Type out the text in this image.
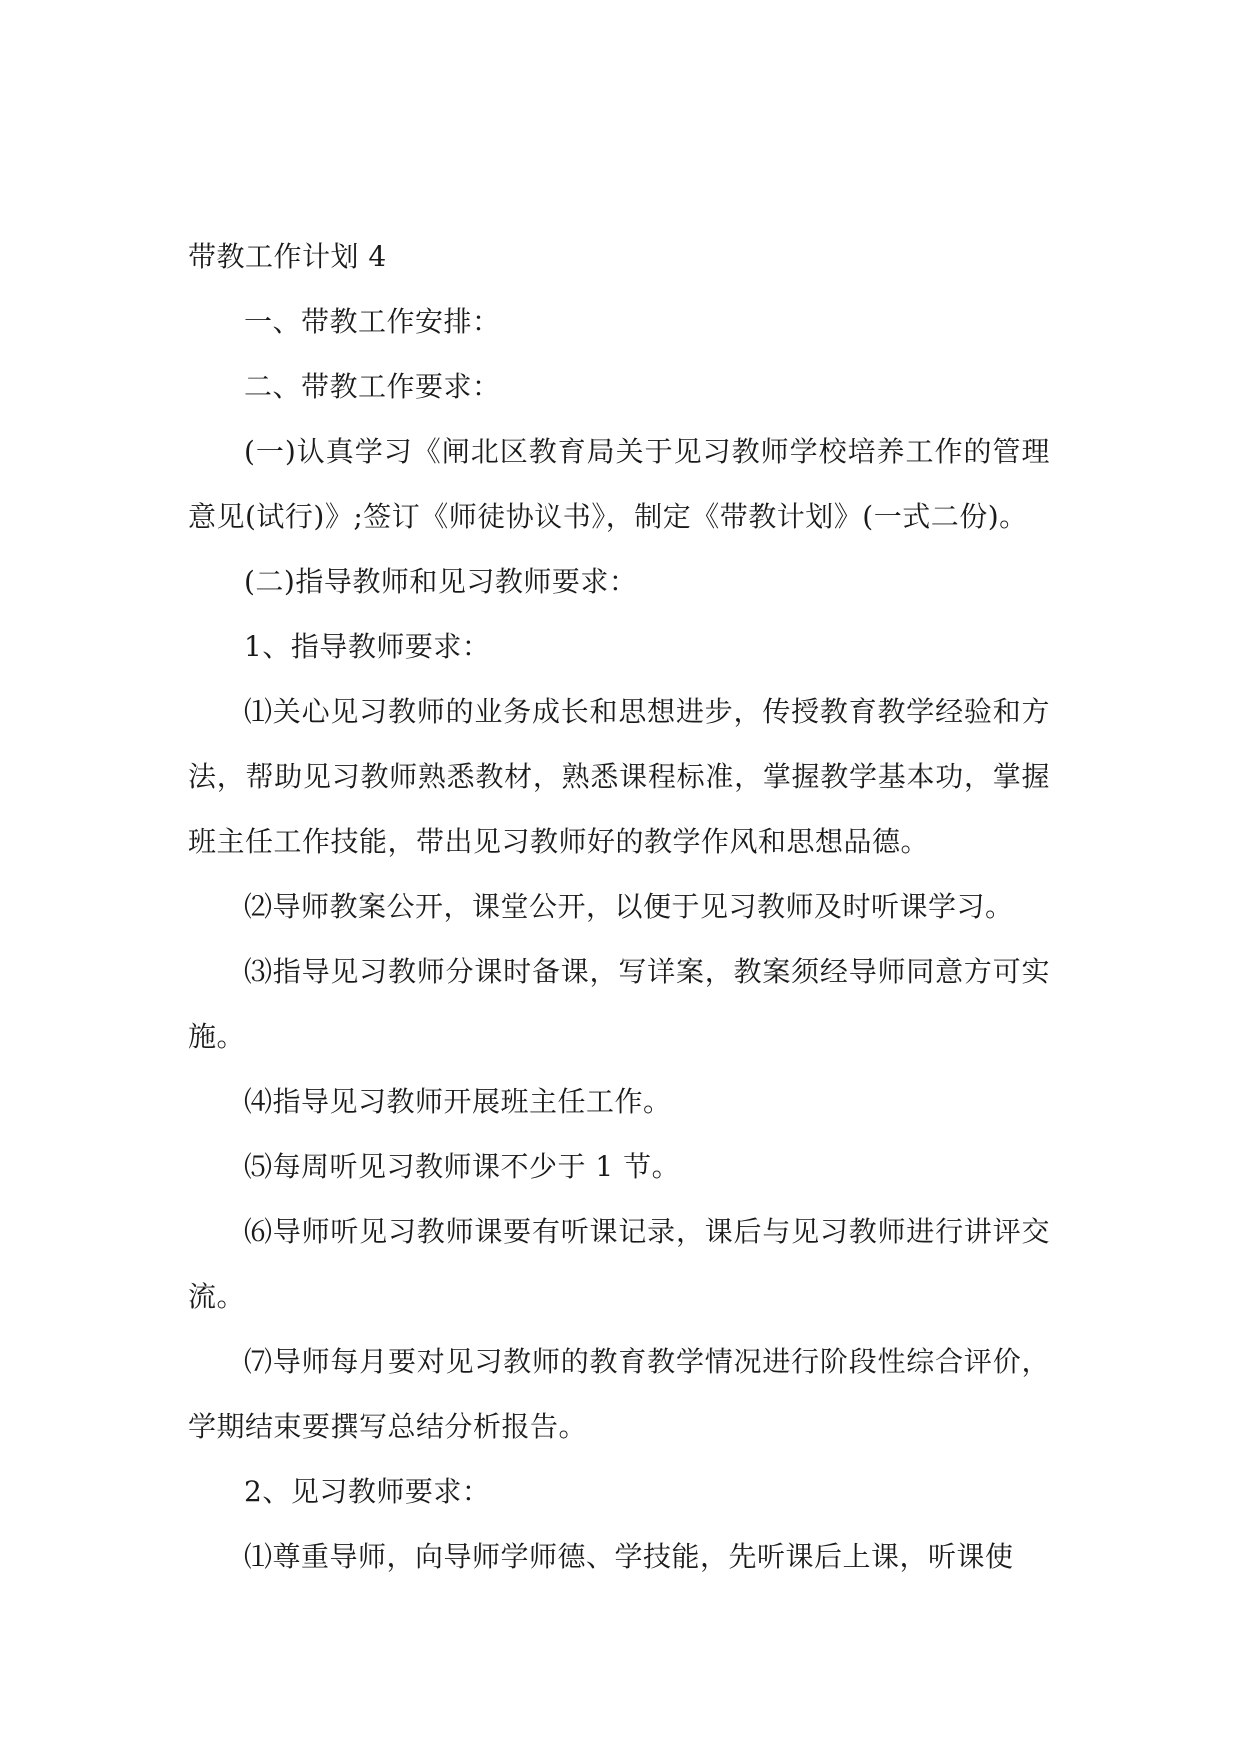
带教工作计划 4

一、带教工作安排：

二、带教工作要求：

(一)认真学习《闸北区教育局关于见习教师学校培养工作的管理意见(试行)》;签订《师徒协议书》，制定《带教计划》(一式二份)。

(二)指导教师和见习教师要求：

1、指导教师要求：

⑴关心见习教师的业务成长和思想进步，传授教育教学经验和方法，帮助见习教师熟悉教材，熟悉课程标准，掌握教学基本功，掌握班主任工作技能，带出见习教师好的教学作风和思想品德。

⑵导师教案公开，课堂公开，以便于见习教师及时听课学习。

⑶指导见习教师分课时备课，写详案，教案须经导师同意方可实施。

⑷指导见习教师开展班主任工作。

⑸每周听见习教师课不少于 1 节。

⑹导师听见习教师课要有听课记录，课后与见习教师进行讲评交流。

⑺导师每月要对见习教师的教育教学情况进行阶段性综合评价，学期结束要撰写总结分析报告。

2、见习教师要求：

⑴尊重导师，向导师学师德、学技能，先听课后上课，听课使
